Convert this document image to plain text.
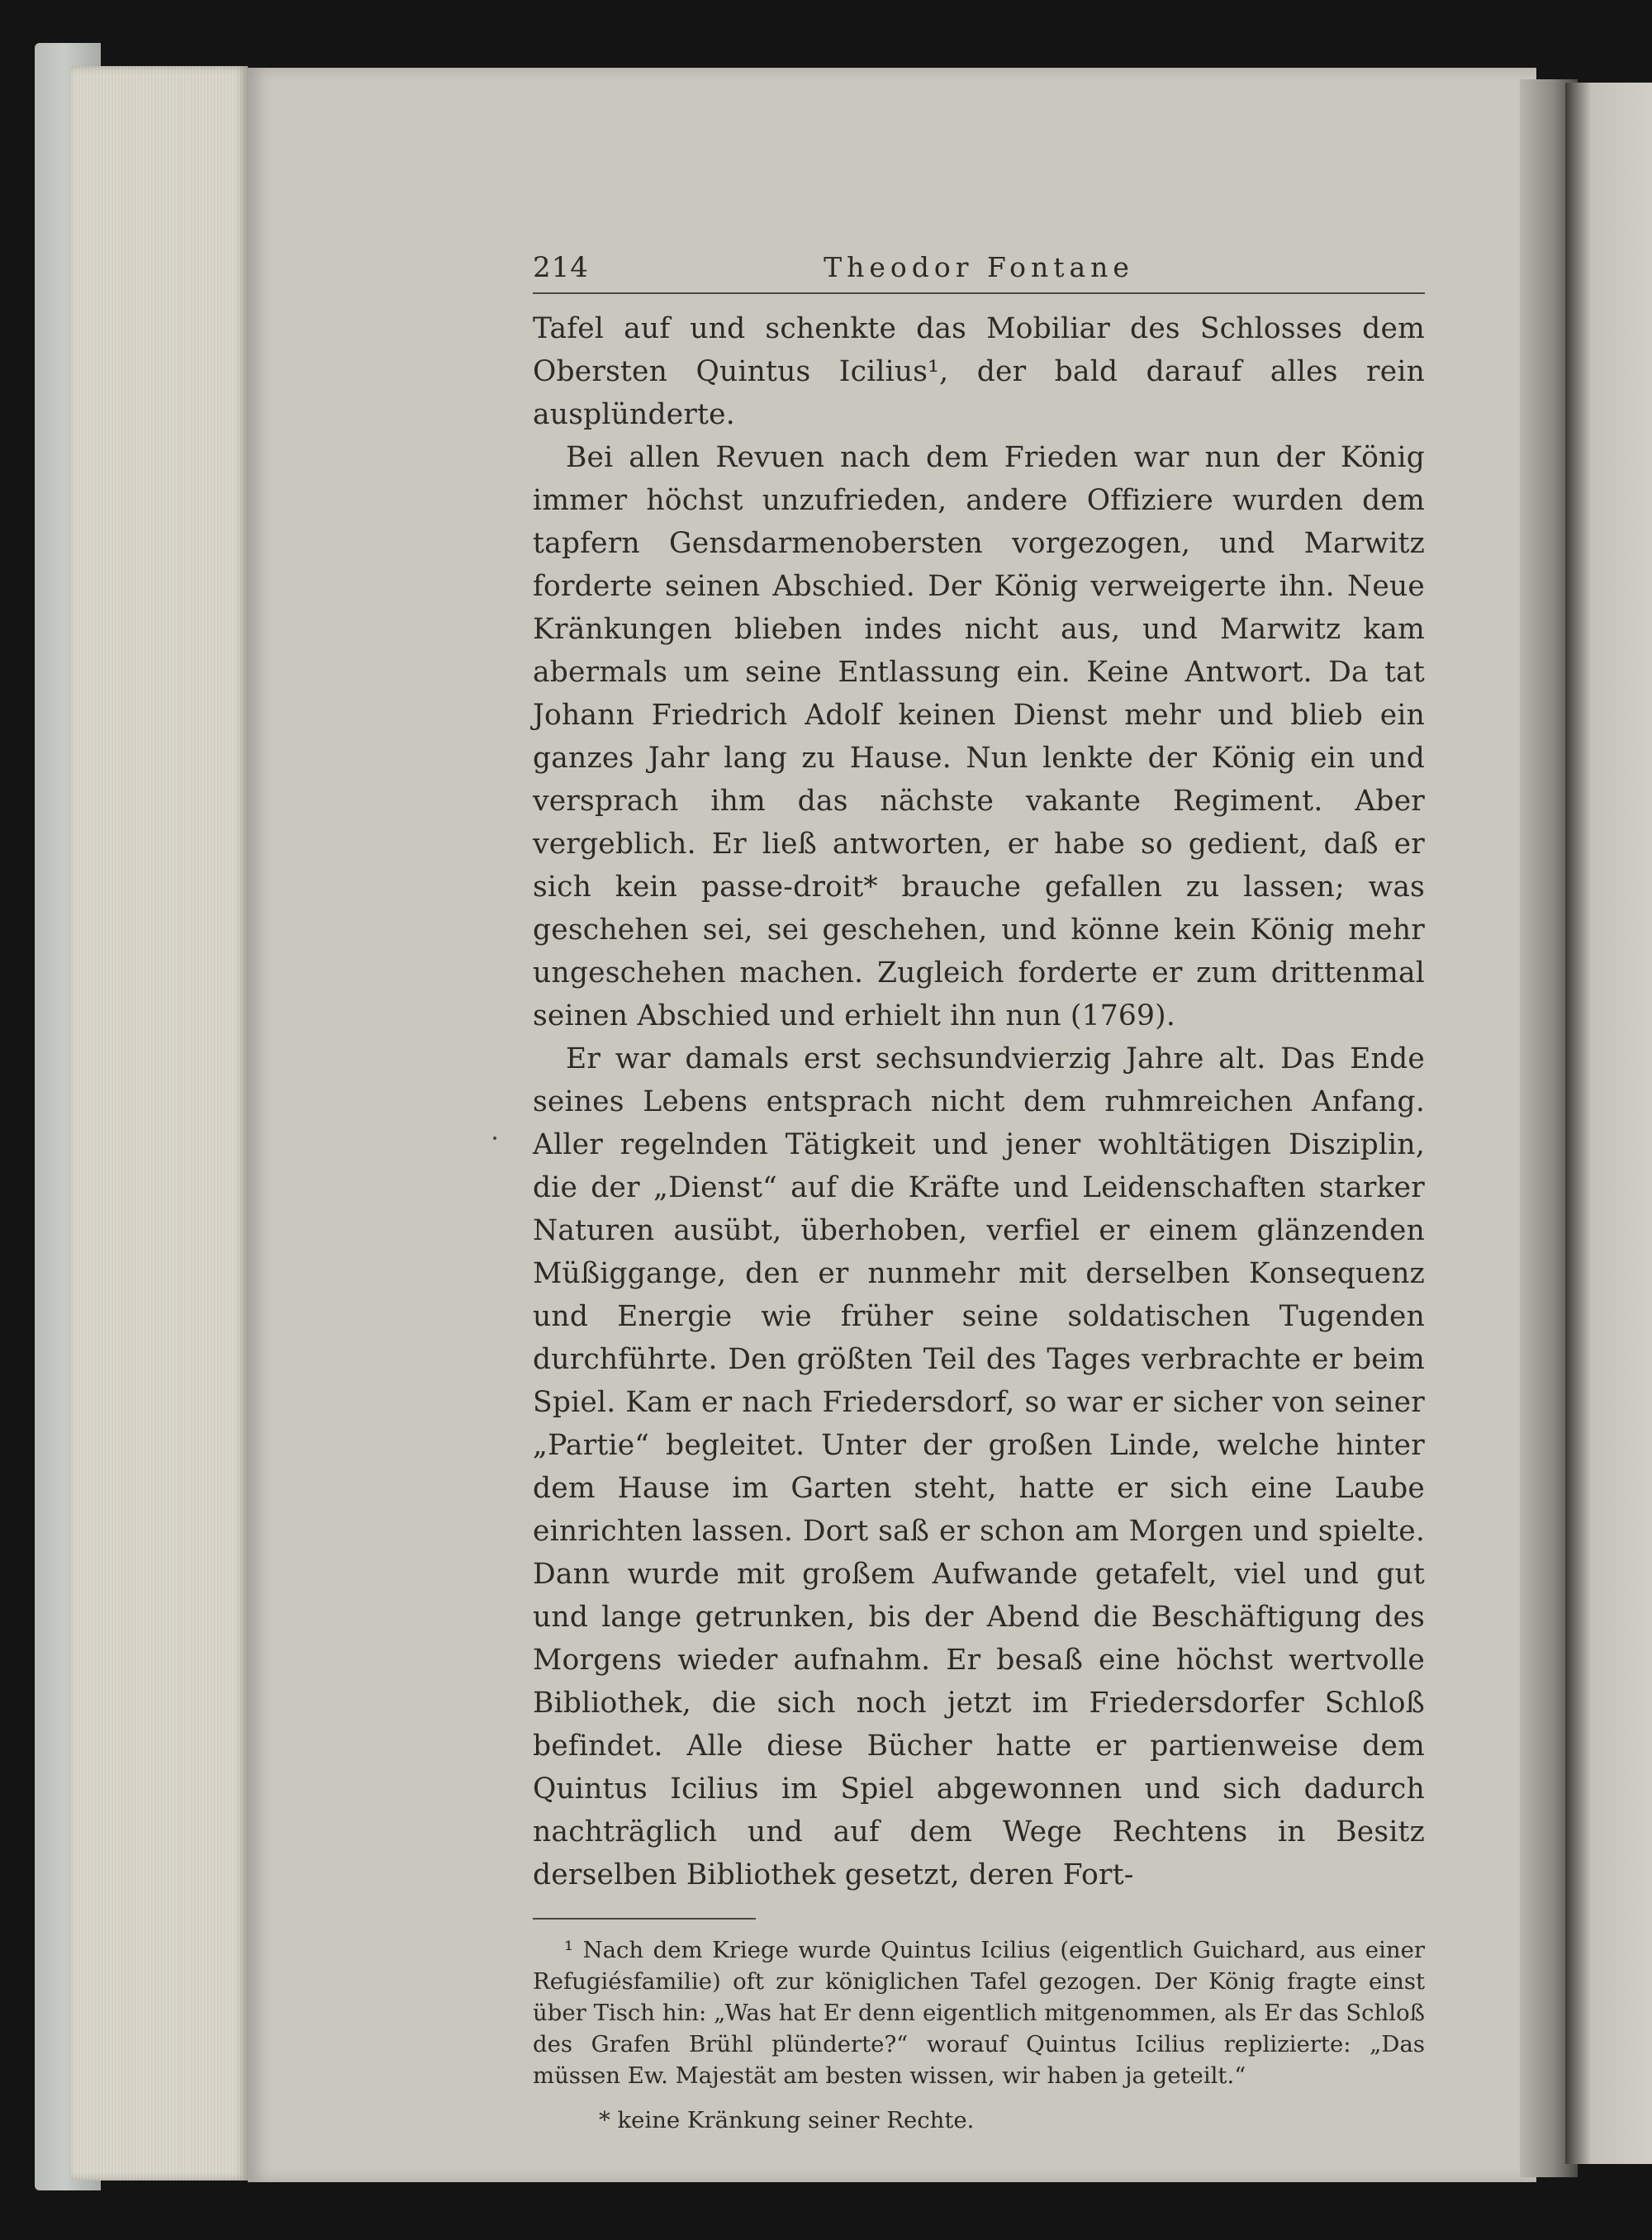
214	Theodor Fontane

Tafel auf und schenkte das Mobiliar des Schlosses dem Obersten Quintus Icilius¹, der bald darauf alles rein ausplünderte.

Bei allen Revuen nach dem Frieden war nun der König immer höchst unzufrieden, andere Offiziere wurden dem tapfern Gensdarmenobersten vorgezogen, und Marwitz forderte seinen Abschied. Der König verweigerte ihn. Neue Kränkungen blieben indes nicht aus, und Marwitz kam abermals um seine Entlassung ein. Keine Antwort. Da tat Johann Friedrich Adolf keinen Dienst mehr und blieb ein ganzes Jahr lang zu Hause. Nun lenkte der König ein und versprach ihm das nächste vakante Regiment. Aber vergeblich. Er ließ antworten, er habe so gedient, daß er sich kein passe-droit* brauche gefallen zu lassen; was geschehen sei, sei geschehen, und könne kein König mehr ungeschehen machen. Zugleich forderte er zum drittenmal seinen Abschied und erhielt ihn nun (1769).

Er war damals erst sechsundvierzig Jahre alt. Das Ende seines Lebens entsprach nicht dem ruhmreichen Anfang. Aller regelnden Tätigkeit und jener wohltätigen Disziplin, die der „Dienst“ auf die Kräfte und Leidenschaften starker Naturen ausübt, überhoben, verfiel er einem glänzenden Müßiggange, den er nunmehr mit derselben Konsequenz und Energie wie früher seine soldatischen Tugenden durchführte. Den größten Teil des Tages verbrachte er beim Spiel. Kam er nach Friedersdorf, so war er sicher von seiner „Partie“ begleitet. Unter der großen Linde, welche hinter dem Hause im Garten steht, hatte er sich eine Laube einrichten lassen. Dort saß er schon am Morgen und spielte. Dann wurde mit großem Aufwande getafelt, viel und gut und lange getrunken, bis der Abend die Beschäftigung des Morgens wieder aufnahm. Er besaß eine höchst wertvolle Bibliothek, die sich noch jetzt im Friedersdorfer Schloß befindet. Alle diese Bücher hatte er partienweise dem Quintus Icilius im Spiel abgewonnen und sich dadurch nachträglich und auf dem Wege Rechtens in Besitz derselben Bibliothek gesetzt, deren Fort-

¹ Nach dem Kriege wurde Quintus Icilius (eigentlich Guichard, aus einer Refugiésfamilie) oft zur königlichen Tafel gezogen. Der König fragte einst über Tisch hin: „Was hat Er denn eigentlich mitgenommen, als Er das Schloß des Grafen Brühl plünderte?“ worauf Quintus Icilius replizierte: „Das müssen Ew. Majestät am besten wissen, wir haben ja geteilt.“

* keine Kränkung seiner Rechte.
